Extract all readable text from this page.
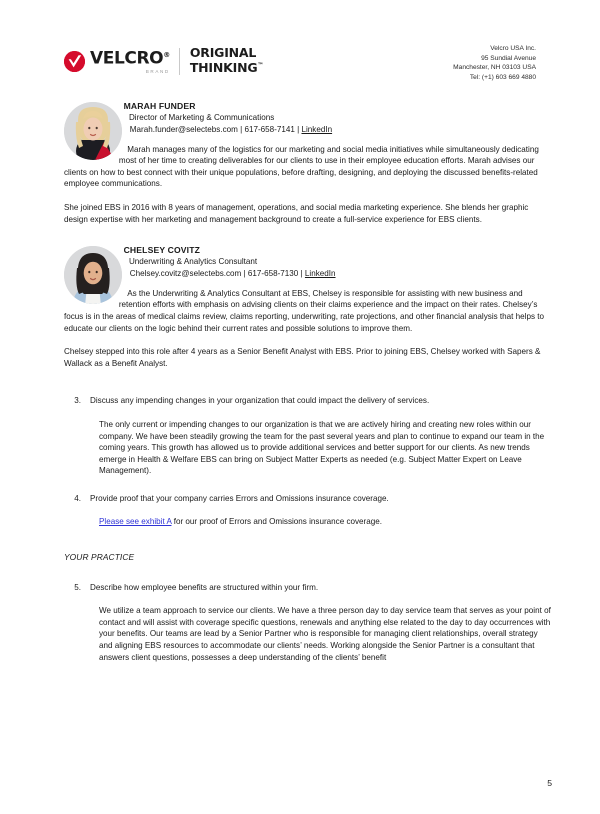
VELCRO®
BRAND
ORIGINAL
THINKING™
Velcro USA Inc.
95 Sundial Avenue
Manchester, NH 03103 USA
Tel: (+1) 603 669 4880
MARAH FUNDER
Director of Marketing & Communications
Marah.funder@selectebs.com | 617-658-7141 | LinkedIn

Marah manages many of the logistics for our marketing and social media initiatives while simultaneously dedicating most of her time to creating deliverables for our clients to use in their employee education efforts. Marah advises our clients on how to best connect with their unique populations, before drafting, designing, and deploying the discussed benefits-related employee communications.

She joined EBS in 2016 with 8 years of management, operations, and social media marketing experience. She blends her graphic design expertise with her marketing and management background to create a full-service experience for EBS clients.

CHELSEY COVITZ
Underwriting & Analytics Consultant
Chelsey.covitz@selectebs.com | 617-658-7130 | LinkedIn

As the Underwriting & Analytics Consultant at EBS, Chelsey is responsible for assisting with new business and retention efforts with emphasis on advising clients on their claims experience and the impact on their rates. Chelsey’s focus is in the areas of medical claims review, claims reporting, underwriting, rate projections, and other financial analysis that helps to educate our clients on the logic behind their current rates and possible solutions to improve them.

Chelsey stepped into this role after 4 years as a Senior Benefit Analyst with EBS. Prior to joining EBS, Chelsey worked with Sapers & Wallack as a Benefit Analyst.

3.	Discuss any impending changes in your organization that could impact the delivery of services.

The only current or impending changes to our organization is that we are actively hiring and creating new roles within our company. We have been steadily growing the team for the past several years and plan to continue to expand our team in the coming years. This growth has allowed us to provide additional services and better support for our clients. As new trends emerge in Health & Welfare EBS can bring on Subject Matter Experts as needed (e.g. Subject Matter Expert on Leave Management).

4.	Provide proof that your company carries Errors and Omissions insurance coverage.

Please see exhibit A for our proof of Errors and Omissions insurance coverage.

YOUR PRACTICE
5.	Describe how employee benefits are structured within your firm.

We utilize a team approach to service our clients. We have a three person day to day service team that serves as your point of contact and will assist with coverage specific questions, renewals and anything else related to the day to day occurrences with your benefits. Our teams are lead by a Senior Partner who is responsible for managing client relationships, overall strategy and aligning EBS resources to accommodate our clients’ needs. Working alongside the Senior Partner is a consultant that answers client questions, possesses a deep understanding of the clients’ benefit

5
